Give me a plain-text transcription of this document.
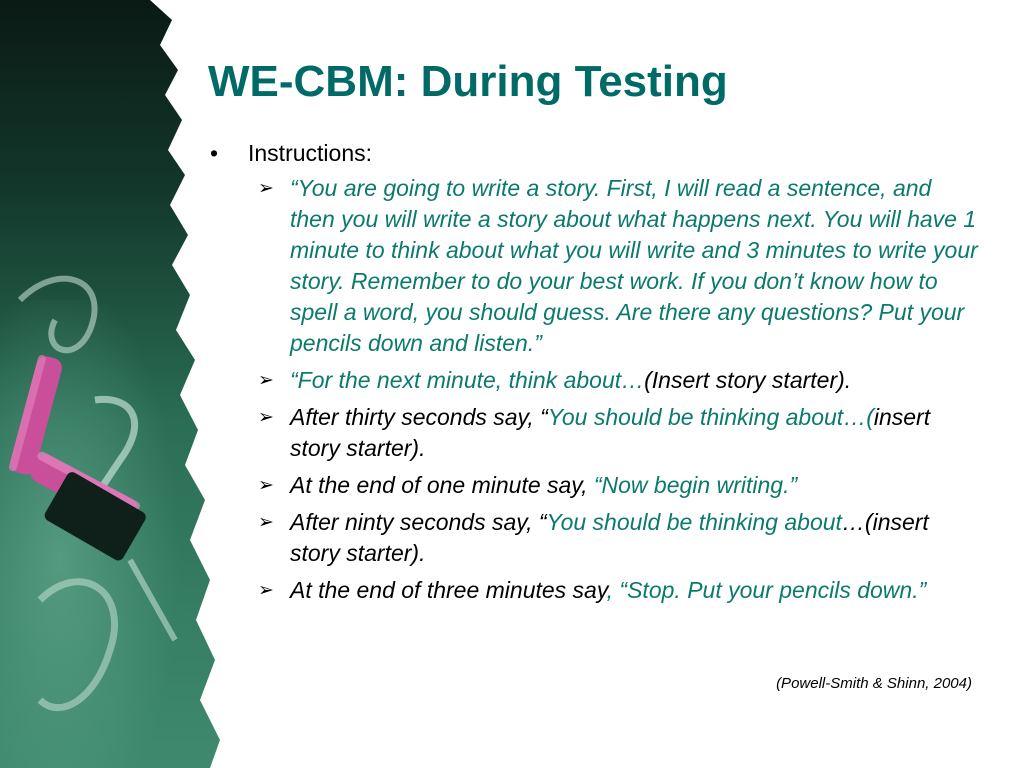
WE-CBM: During Testing
•	Instructions:
➢ “You are going to write a story. First, I will read a sentence, and then you will write a story about what happens next. You will have 1 minute to think about what you will write and 3 minutes to write your story. Remember to do your best work. If you don’t know how to spell a word, you should guess. Are there any questions? Put your pencils down and listen.”
➢ “For the next minute, think about…(Insert story starter).
➢ After thirty seconds say, “You should be thinking about…(insert story starter).
➢ At the end of one minute say, “Now begin writing.”
➢ After ninty seconds say, “You should be thinking about…(insert story starter).
➢ At the end of three minutes say, “Stop. Put your pencils down.”
(Powell-Smith & Shinn, 2004)
